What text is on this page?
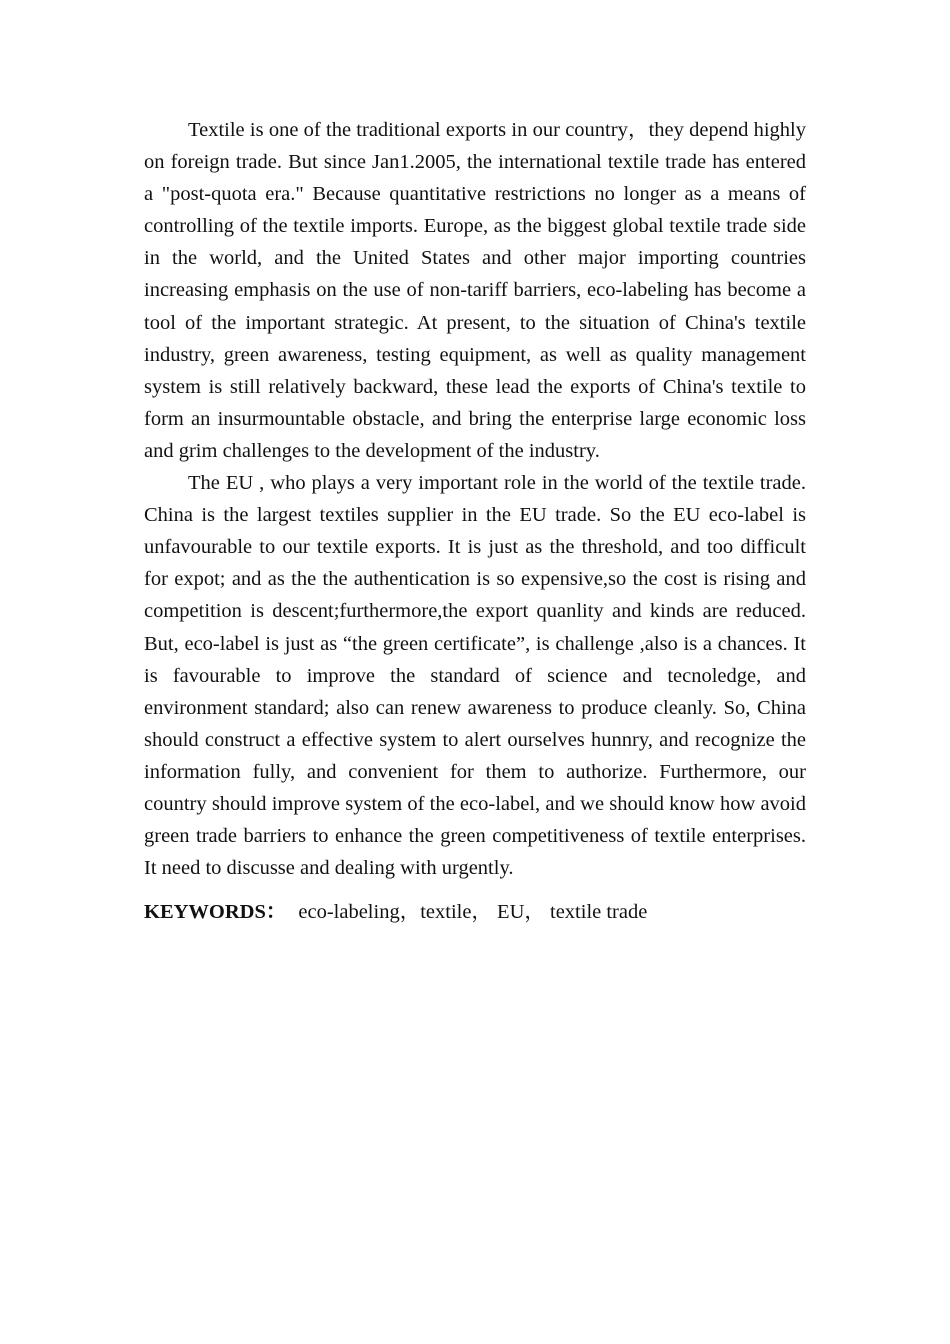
Textile is one of the traditional exports in our country，they depend highly on foreign trade. But since Jan1.2005, the international textile trade has entered a "post-quota era." Because quantitative restrictions no longer as a means of controlling of the textile imports. Europe, as the biggest global textile trade side in the world, and the United States and other major importing countries increasing emphasis on the use of non-tariff barriers, eco-labeling has become a tool of the important strategic. At present, to the situation of China's textile industry, green awareness, testing equipment, as well as quality management system is still relatively backward, these lead the exports of China's textile to form an insurmountable obstacle, and bring the enterprise large economic loss and grim challenges to the development of the industry.

The EU , who plays a very important role in the world of the textile trade. China is the largest textiles supplier in the EU trade. So the EU eco-label is unfavourable to our textile exports. It is just as the threshold, and too difficult for expot; and as the the authentication is so expensive,so the cost is rising and competition is descent;furthermore,the export quanlity and kinds are reduced. But, eco-label is just as “the green certificate”, is challenge ,also is a chances. It is favourable to improve the standard of science and tecnoledge, and environment standard; also can renew awareness to produce cleanly. So, China should construct a effective system to alert ourselves hunnry, and recognize the information fully, and convenient for them to authorize. Furthermore, our country should improve system of the eco-label, and we should know how avoid green trade barriers to enhance the green competitiveness of textile enterprises. It need to discusse and dealing with urgently.

KEYWORDS： eco-labeling，textile， EU， textile trade
